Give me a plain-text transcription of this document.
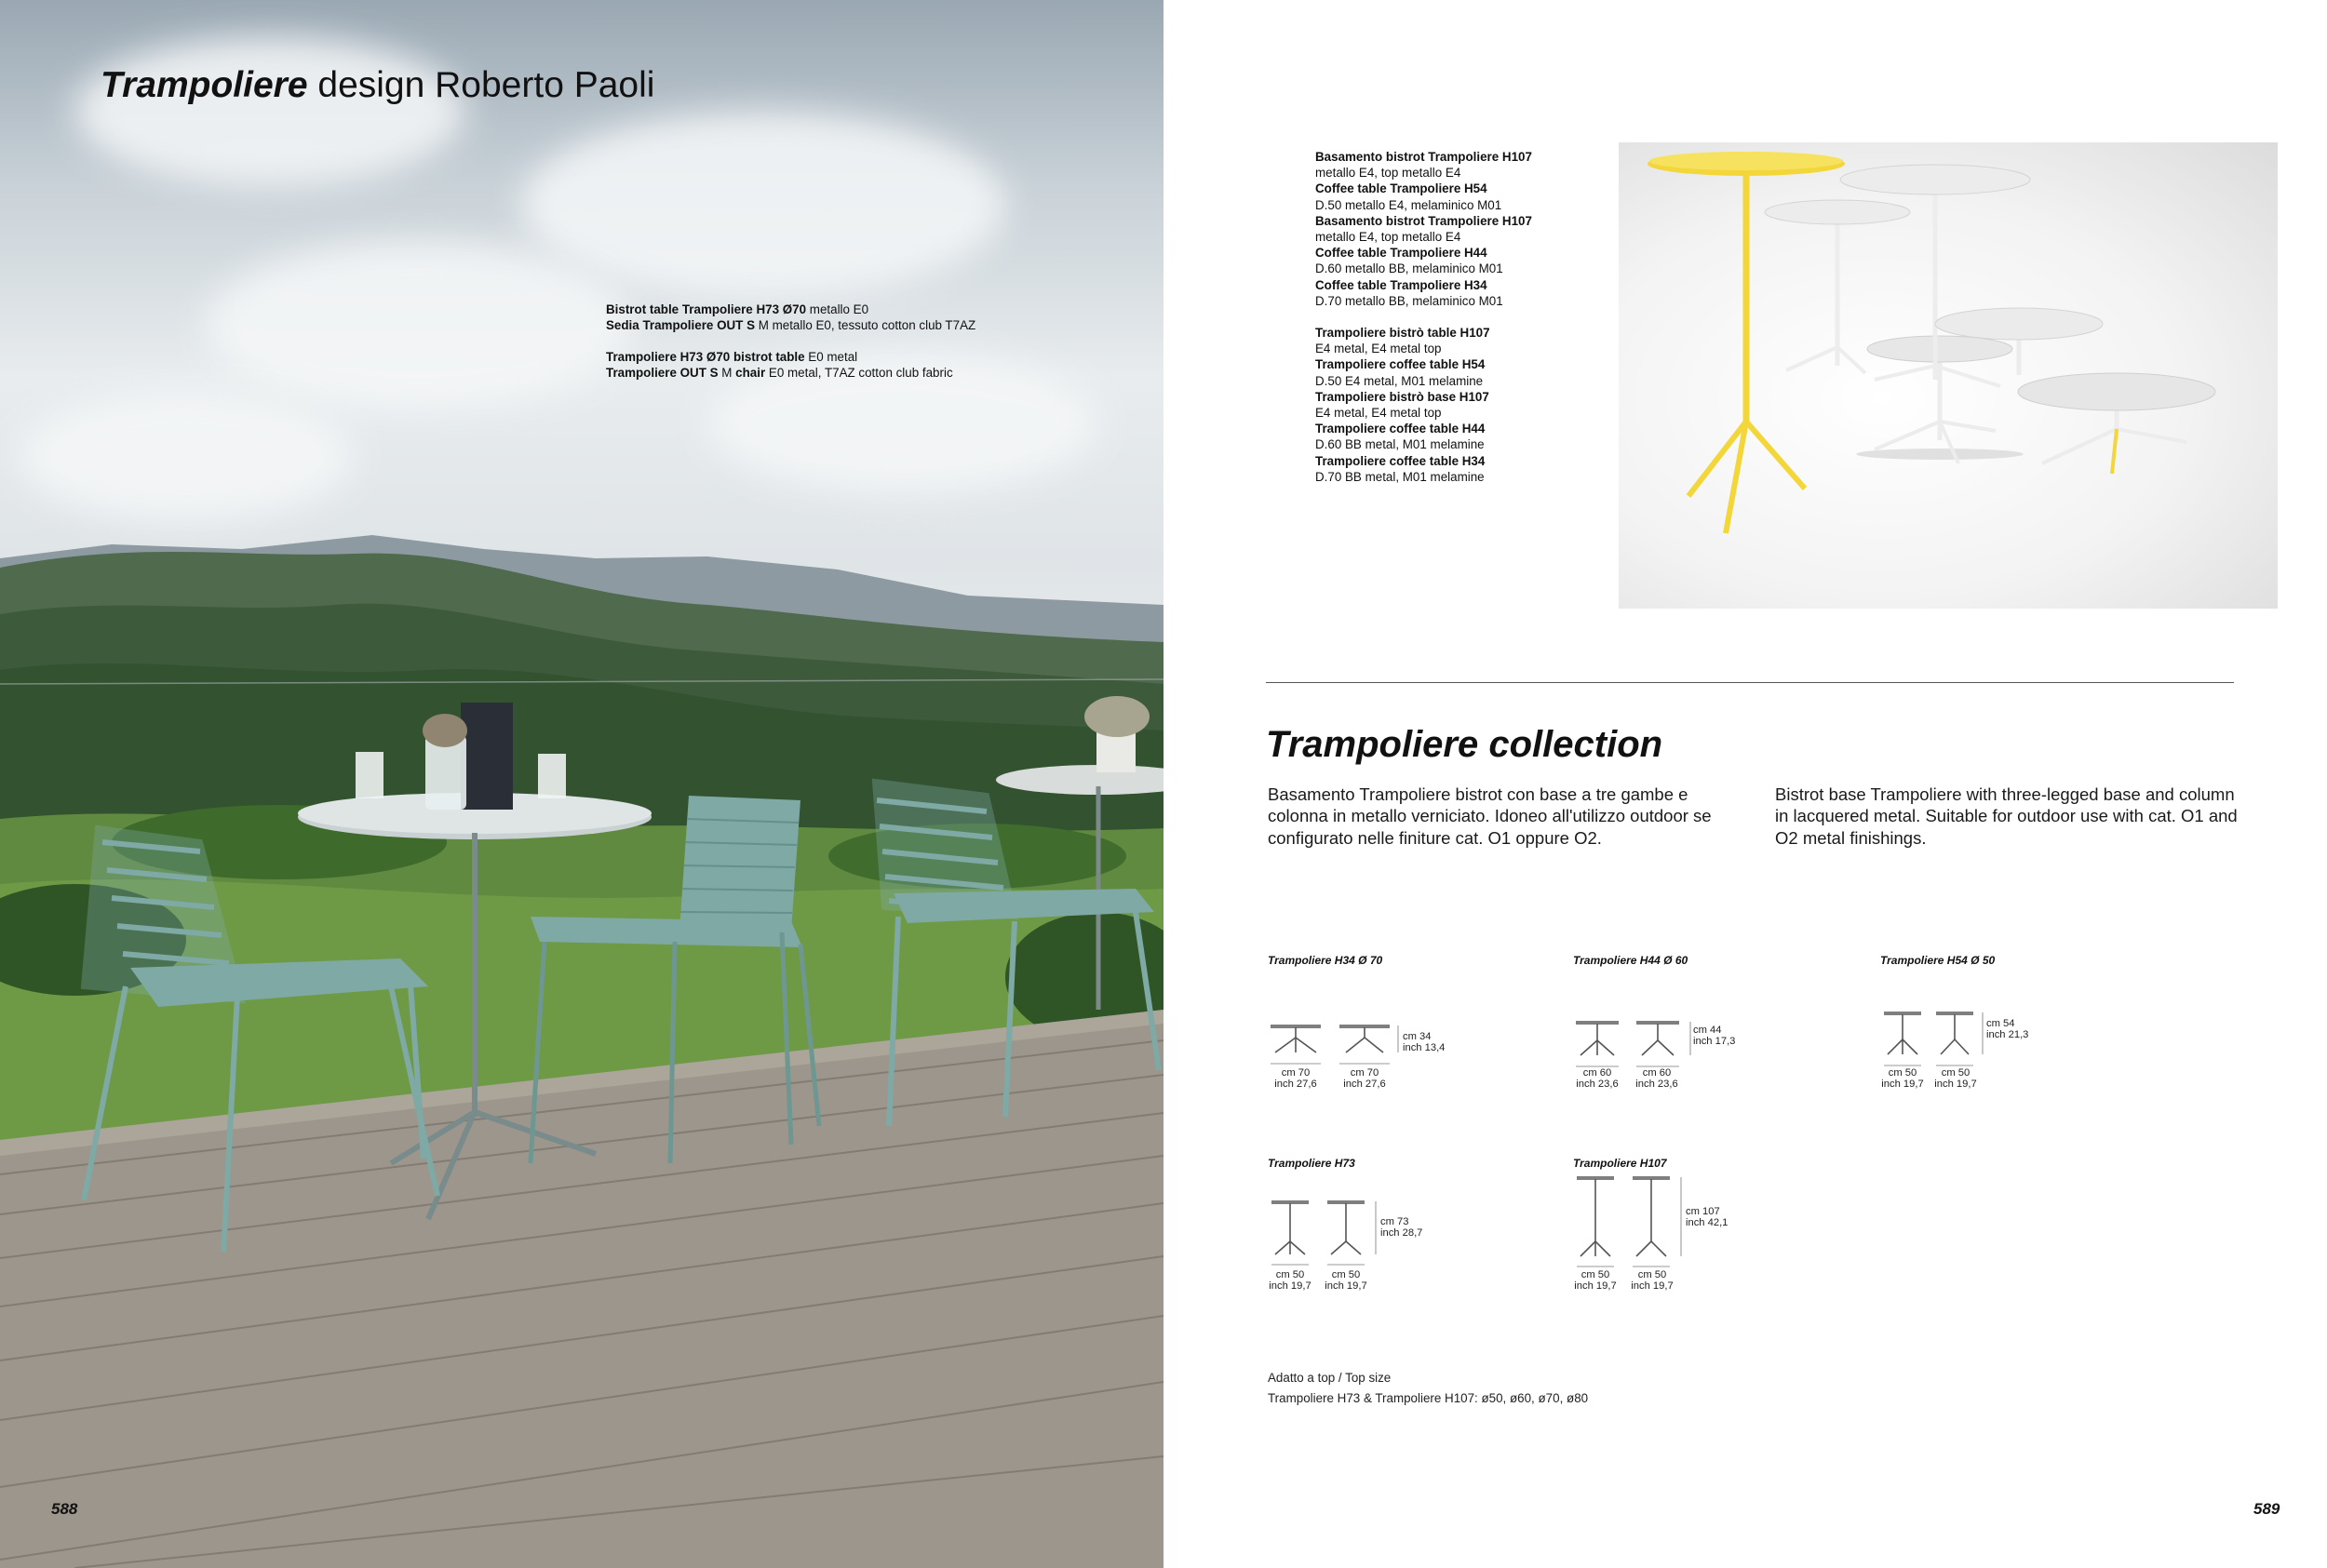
Trampoliere design Roberto Paoli
Bistrot table Trampoliere H73 Ø70 metallo E0
Sedia Trampoliere OUT S M metallo E0, tessuto cotton club T7AZ
Trampoliere H73 Ø70 bistrot table E0 metal
Trampoliere OUT S M chair E0 metal, T7AZ cotton club fabric
588
Basamento bistrot Trampoliere H107
metallo E4, top metallo E4
Coffee table Trampoliere H54
D.50 metallo E4, melaminico M01
Basamento bistrot Trampoliere H107
metallo E4, top metallo E4
Coffee table Trampoliere H44
D.60 metallo BB, melaminico M01
Coffee table Trampoliere H34
D.70 metallo BB, melaminico M01
Trampoliere bistrò table H107
E4 metal, E4 metal top
Trampoliere coffee table H54
D.50 E4 metal, M01 melamine
Trampoliere bistrò base H107
E4 metal, E4 metal top
Trampoliere coffee table H44
D.60 BB metal, M01 melamine
Trampoliere coffee table H34
D.70 BB metal, M01 melamine
Trampoliere collection

Basamento Trampoliere bistrot con base a tre gambe e colonna in metallo verniciato. Idoneo all'utilizzo outdoor se configurato nelle finiture cat. O1 oppure O2.

Bistrot base Trampoliere with three-legged base and column in lacquered metal. Suitable for outdoor use with cat. O1 and O2 metal finishings.

Trampoliere H34 Ø 70
cm 34
inch 13,4
cm 70
inch 27,6
cm 70
inch 27,6
Trampoliere H44 Ø 60
cm 44
inch 17,3
cm 60
inch 23,6
cm 60
inch 23,6
Trampoliere H54 Ø 50
cm 54
inch 21,3
cm 50
inch 19,7
cm 50
inch 19,7
Trampoliere H73
cm 73
inch 28,7
cm 50
inch 19,7
cm 50
inch 19,7
Trampoliere H107
cm 107
inch 42,1
cm 50
inch 19,7
cm 50
inch 19,7
Adatto a top / Top size
Trampoliere H73 & Trampoliere H107: ø50, ø60, ø70, ø80
589
